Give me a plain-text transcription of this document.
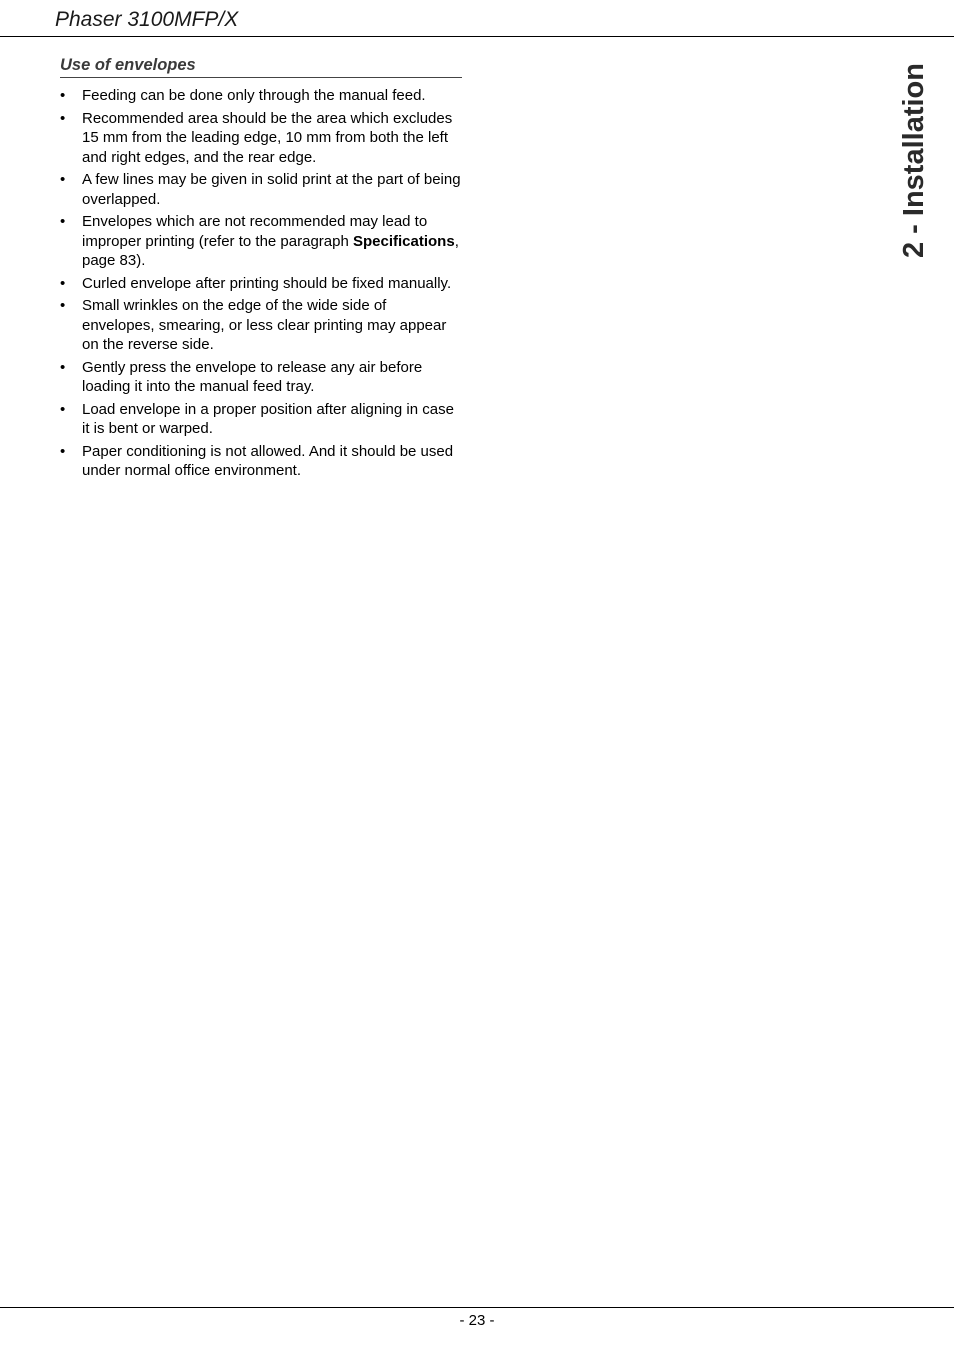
Phaser 3100MFP/X
2 - Installation
Use of envelopes
• Feeding can be done only through the manual feed.
• Recommended area should be the area which excludes 15 mm from the leading edge, 10 mm from both the left and right edges, and the rear edge.
• A few lines may be given in solid print at the part of being overlapped.
• Envelopes which are not recommended may lead to improper printing (refer to the paragraph Specifications, page 83).
• Curled envelope after printing should be fixed manually.
• Small wrinkles on the edge of the wide side of envelopes, smearing, or less clear printing may appear on the reverse side.
• Gently press the envelope to release any air before loading it into the manual feed tray.
• Load envelope in a proper position after aligning in case it is bent or warped.
• Paper conditioning is not allowed. And it should be used under normal office environment.
- 23 -
